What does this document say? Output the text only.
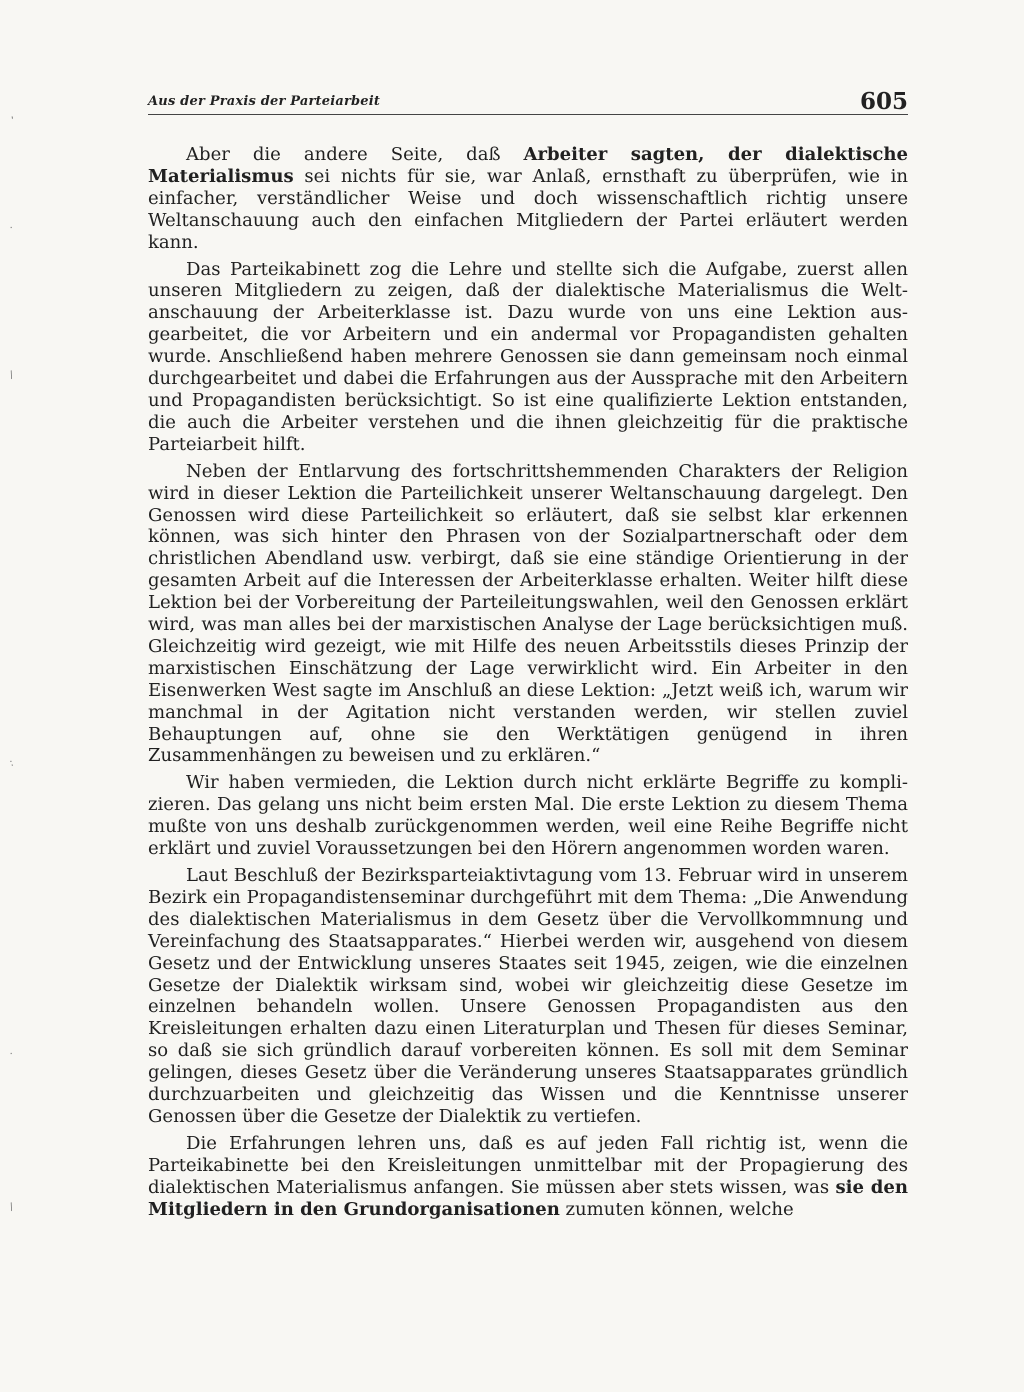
,
·
/
:
·
/
Aus der Praxis der Parteiarbeit	605

Aber die andere Seite, daß Arbeiter sagten, der dialektische Materialismus sei nichts für sie, war Anlaß, ernsthaft zu überprüfen, wie in einfacher, verständlicher Weise und doch wissenschaftlich richtig unsere Weltanschauung auch den einfachen Mitgliedern der Partei erläutert werden kann.

Das Parteikabinett zog die Lehre und stellte sich die Aufgabe, zuerst allen unseren Mitgliedern zu zeigen, daß der dialektische Materialismus die Weltanschauung der Arbeiterklasse ist. Dazu wurde von uns eine Lektion ausgearbeitet, die vor Arbeitern und ein andermal vor Propagandisten gehalten wurde. Anschließend haben mehrere Genossen sie dann gemeinsam noch einmal durchgearbeitet und dabei die Erfahrungen aus der Aussprache mit den Arbeitern und Propagandisten berücksichtigt. So ist eine qualifizierte Lektion entstanden, die auch die Arbeiter verstehen und die ihnen gleichzeitig für die praktische Parteiarbeit hilft.

Neben der Entlarvung des fortschrittshemmenden Charakters der Religion wird in dieser Lektion die Parteilichkeit unserer Weltanschauung dargelegt. Den Genossen wird diese Parteilichkeit so erläutert, daß sie selbst klar erkennen können, was sich hinter den Phrasen von der Sozialpartnerschaft oder dem christlichen Abendland usw. verbirgt, daß sie eine ständige Orientierung in der gesamten Arbeit auf die Interessen der Arbeiterklasse erhalten. Weiter hilft diese Lektion bei der Vorbereitung der Parteileitungswahlen, weil den Genossen erklärt wird, was man alles bei der marxistischen Analyse der Lage berücksichtigen muß. Gleichzeitig wird gezeigt, wie mit Hilfe des neuen Arbeitsstils dieses Prinzip der marxistischen Einschätzung der Lage verwirklicht wird. Ein Arbeiter in den Eisenwerken West sagte im Anschluß an diese Lektion: „Jetzt weiß ich, warum wir manchmal in der Agitation nicht verstanden werden, wir stellen zuviel Behauptungen auf, ohne sie den Werktätigen genügend in ihren Zusammenhängen zu beweisen und zu erklären.“

Wir haben vermieden, die Lektion durch nicht erklärte Begriffe zu komplizieren. Das gelang uns nicht beim ersten Mal. Die erste Lektion zu diesem Thema mußte von uns deshalb zurückgenommen werden, weil eine Reihe Begriffe nicht erklärt und zuviel Voraussetzungen bei den Hörern angenommen worden waren.

Laut Beschluß der Bezirksparteiaktivtagung vom 13. Februar wird in unserem Bezirk ein Propagandistenseminar durchgeführt mit dem Thema: „Die Anwendung des dialektischen Materialismus in dem Gesetz über die Vervollkommnung und Vereinfachung des Staatsapparates.“ Hierbei werden wir, ausgehend von diesem Gesetz und der Entwicklung unseres Staates seit 1945, zeigen, wie die einzelnen Gesetze der Dialektik wirksam sind, wobei wir gleichzeitig diese Gesetze im einzelnen behandeln wollen. Unsere Genossen Propagandisten aus den Kreisleitungen erhalten dazu einen Literaturplan und Thesen für dieses Seminar, so daß sie sich gründlich darauf vorbereiten können. Es soll mit dem Seminar gelingen, dieses Gesetz über die Veränderung unseres Staatsapparates gründlich durchzuarbeiten und gleichzeitig das Wissen und die Kenntnisse unserer Genossen über die Gesetze der Dialektik zu vertiefen.

Die Erfahrungen lehren uns, daß es auf jeden Fall richtig ist, wenn die Parteikabinette bei den Kreisleitungen unmittelbar mit der Propagierung des dialektischen Materialismus anfangen. Sie müssen aber stets wissen, was sie den Mitgliedern in den Grundorganisationen zumuten können, welche
